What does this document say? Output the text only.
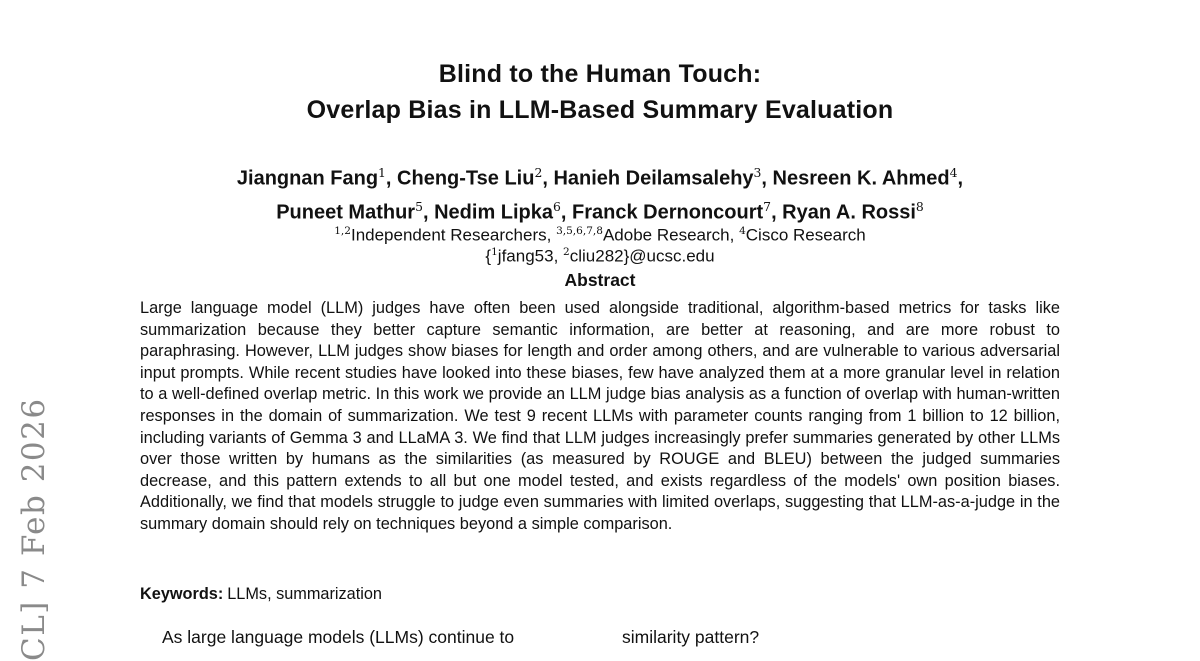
CL] 7 Feb 2026
Blind to the Human Touch:
Overlap Bias in LLM-Based Summary Evaluation
Jiangnan Fang$^1$, Cheng-Tse Liu$^2$, Hanieh Deilamsalehy$^3$, Nesreen K. Ahmed$^4$,
Puneet Mathur$^5$, Nedim Lipka$^6$, Franck Dernoncourt$^7$, Ryan A. Rossi$^8$
$^{1,2}$Independent Researchers, $^{3,5,6,7,8}$Adobe Research, $^4$Cisco Research
{$^1$jfang53, $^2$cliu282}@ucsc.edu
Abstract
Large language model (LLM) judges have often been used alongside traditional, algorithm-based metrics for tasks like summarization because they better capture semantic information, are better at reasoning, and are more robust to paraphrasing. However, LLM judges show biases for length and order among others, and are vulnerable to various adversarial input prompts. While recent studies have looked into these biases, few have analyzed them at a more granular level in relation to a well-defined overlap metric. In this work we provide an LLM judge bias analysis as a function of overlap with human-written responses in the domain of summarization. We test 9 recent LLMs with parameter counts ranging from 1 billion to 12 billion, including variants of Gemma 3 and LLaMA 3. We find that LLM judges increasingly prefer summaries generated by other LLMs over those written by humans as the similarities (as measured by ROUGE and BLEU) between the judged summaries decrease, and this pattern extends to all but one model tested, and exists regardless of the models' own position biases. Additionally, we find that models struggle to judge even summaries with limited overlaps, suggesting that LLM-as-a-judge in the summary domain should rely on techniques beyond a simple comparison.
Keywords: LLMs, summarization
As large language models (LLMs) continue to	similarity pattern?
